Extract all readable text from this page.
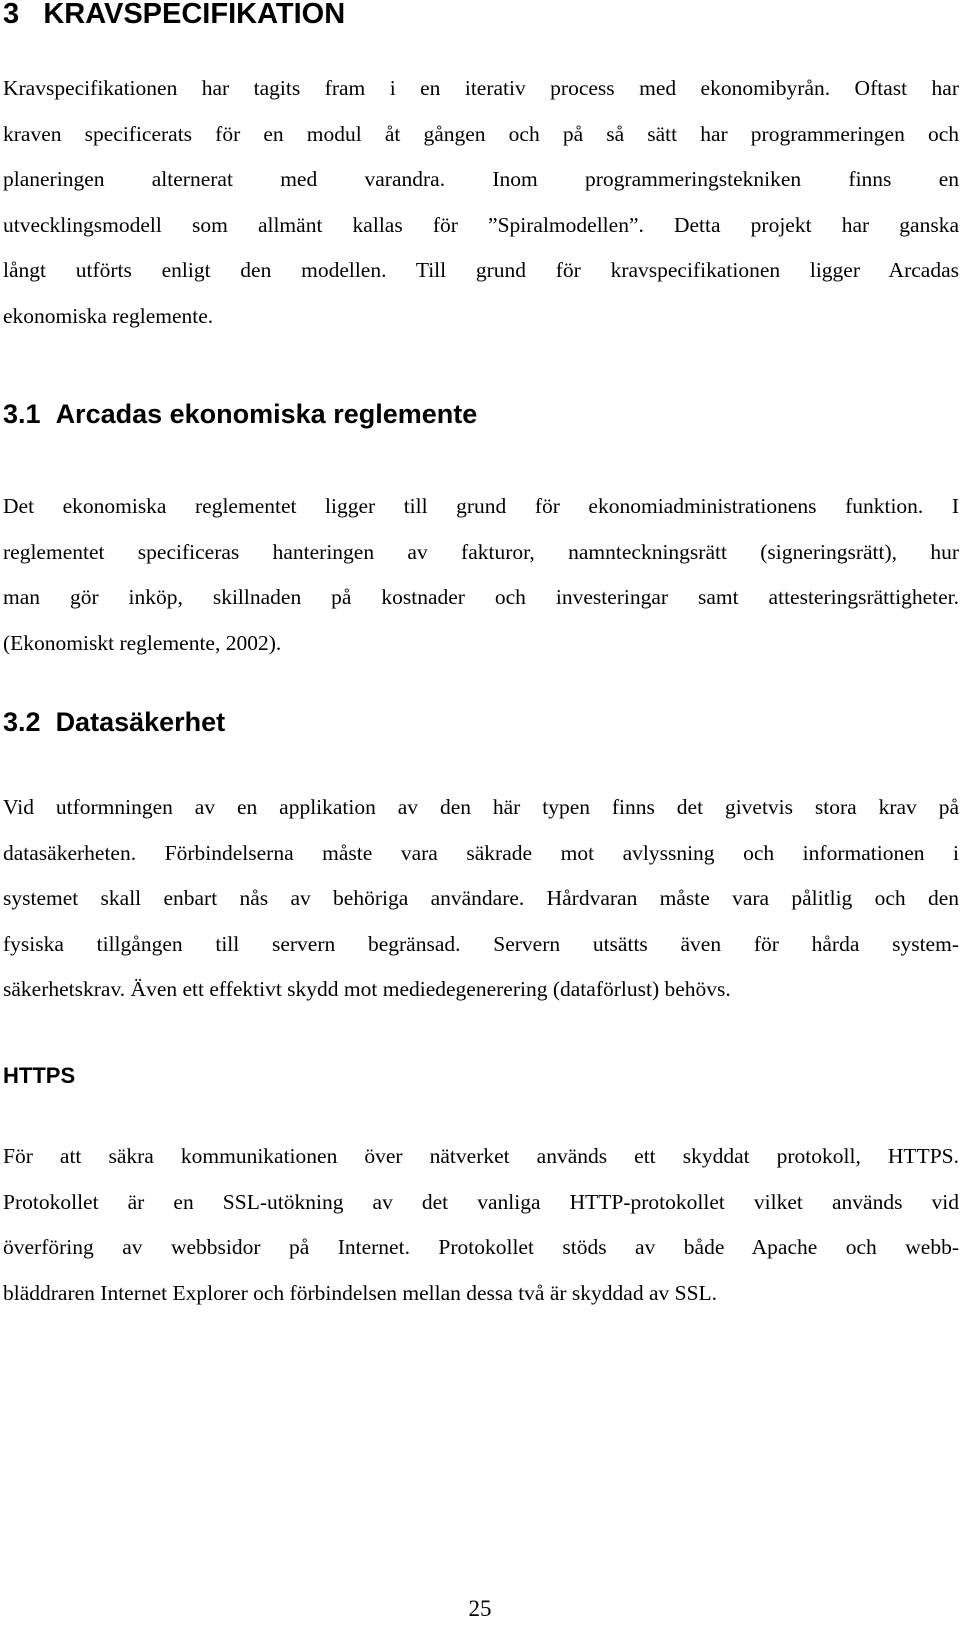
3 KRAVSPECIFIKATION
Kravspecifikationen har tagits fram i en iterativ process med ekonomibyrån. Oftast har
kraven specificerats för en modul åt gången och på så sätt har programmeringen och
planeringen alternerat med varandra. Inom programmeringstekniken finns en
utvecklingsmodell som allmänt kallas för ”Spiralmodellen”. Detta projekt har ganska
långt utförts enligt den modellen. Till grund för kravspecifikationen ligger Arcadas
ekonomiska reglemente.
3.1 Arcadas ekonomiska reglemente
Det ekonomiska reglementet ligger till grund för ekonomiadministrationens funktion. I
reglementet specificeras hanteringen av fakturor, namnteckningsrätt (signeringsrätt), hur
man gör inköp, skillnaden på kostnader och investeringar samt attesteringsrättigheter.
(Ekonomiskt reglemente, 2002).
3.2 Datasäkerhet
Vid utformningen av en applikation av den här typen finns det givetvis stora krav på
datasäkerheten. Förbindelserna måste vara säkrade mot avlyssning och informationen i
systemet skall enbart nås av behöriga användare. Hårdvaran måste vara pålitlig och den
fysiska tillgången till servern begränsad. Servern utsätts även för hårda system-
säkerhetskrav. Även ett effektivt skydd mot mediedegenerering (dataförlust) behövs.
HTTPS
För att säkra kommunikationen över nätverket används ett skyddat protokoll, HTTPS.
Protokollet är en SSL-utökning av det vanliga HTTP-protokollet vilket används vid
överföring av webbsidor på Internet. Protokollet stöds av både Apache och webb-
bläddraren Internet Explorer och förbindelsen mellan dessa två är skyddad av SSL.

25
